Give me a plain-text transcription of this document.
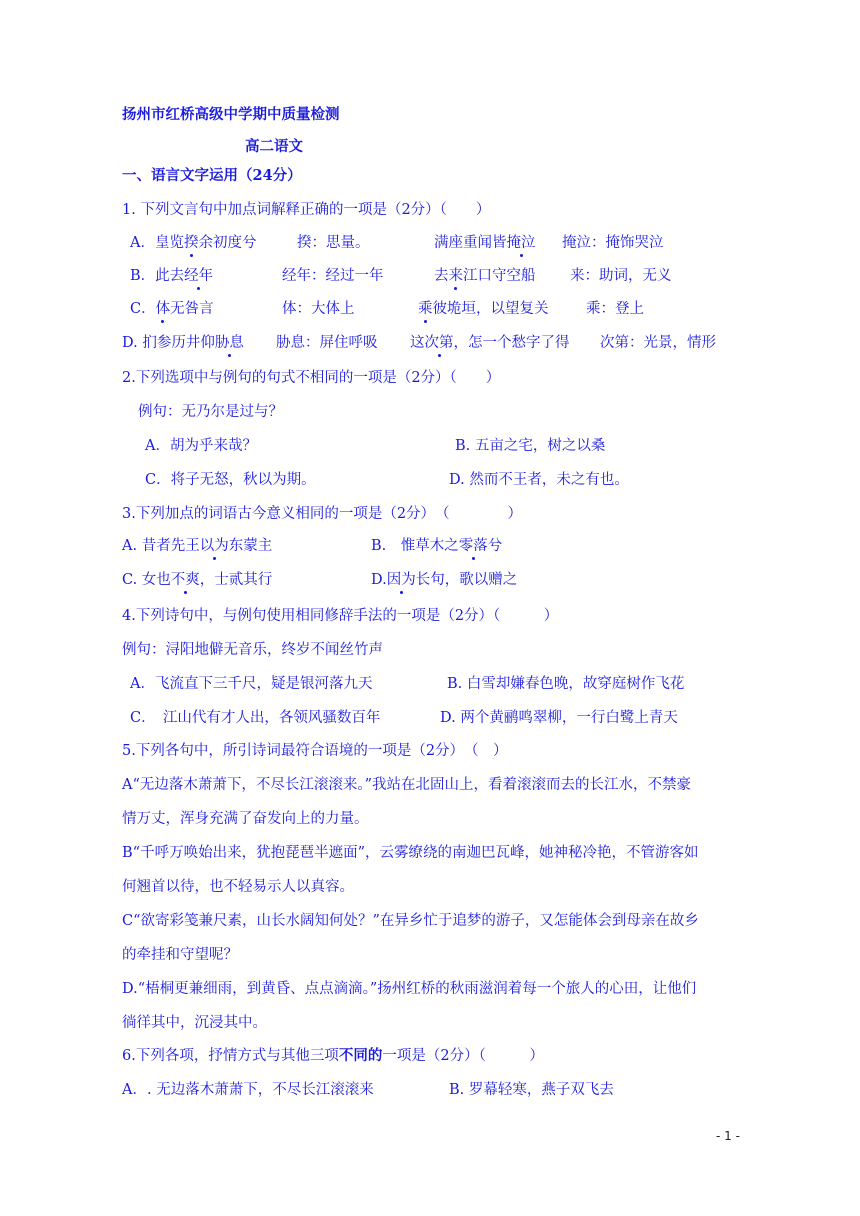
扬州市红桥高级中学期中质量检测
高二语文
一、语言文字运用（24分）
1. 下列文言句中加点词解释正确的一项是（2分）（　　）
A．皇览揆余初度兮	揆：思量。	满座重闻皆掩泣 掩泣：掩饰哭泣
B．此去经年	经年：经过一年	去来江口守空船 来：助词，无义
C．体无咎言	体：大体上	乘彼垝垣，以望复关	乘：登上
D. 扪参历井仰胁息 胁息：屏住呼吸 这次第，怎一个愁字了得 次第：光景，情形
2.下列选项中与例句的句式不相同的一项是（2分）（　　）
例句：无乃尔是过与？
A．胡为乎来哉？	B. 五亩之宅，树之以桑
C．将子无怒，秋以为期。	D. 然而不王者，未之有也。
3.下列加点的词语古今意义相同的一项是（2分）　（　　　　）
A. 昔者先王以为东蒙主	B.　惟草木之零落兮
C. 女也不爽，士贰其行	D.因为长句，歌以赠之
4.下列诗句中，与例句使用相同修辞手法的一项是（2分）（　　　）
例句：浔阳地僻无音乐，终岁不闻丝竹声
A．飞流直下三千尺，疑是银河落九天	B. 白雪却嫌春色晚，故穿庭树作飞花
C．　江山代有才人出，各领风骚数百年	D. 两个黄鹂鸣翠柳，一行白鹭上青天
5.下列各句中，所引诗词最符合语境的一项是（2分）　（　）
A“无边落木萧萧下，不尽长江滚滚来。”我站在北固山上，看着滚滚而去的长江水，不禁豪
情万丈，浑身充满了奋发向上的力量。
B“千呼万唤始出来，犹抱琵琶半遮面”，云雾缭绕的南迦巴瓦峰，她神秘冷艳，不管游客如
何翘首以待，也不轻易示人以真容。
C“欲寄彩笺兼尺素，山长水阔知何处？”在异乡忙于追梦的游子，又怎能体会到母亲在故乡
的牵挂和守望呢？
D.“梧桐更兼细雨，到黄昏、点点滴滴。”扬州红桥的秋雨滋润着每一个旅人的心田，让他们
徜徉其中，沉浸其中。
6.下列各项，抒情方式与其他三项不同的一项是（2分）（　　　）
A．. 无边落木萧萧下，不尽长江滚滚来	B. 罗幕轻寒，燕子双飞去
- 1 -
